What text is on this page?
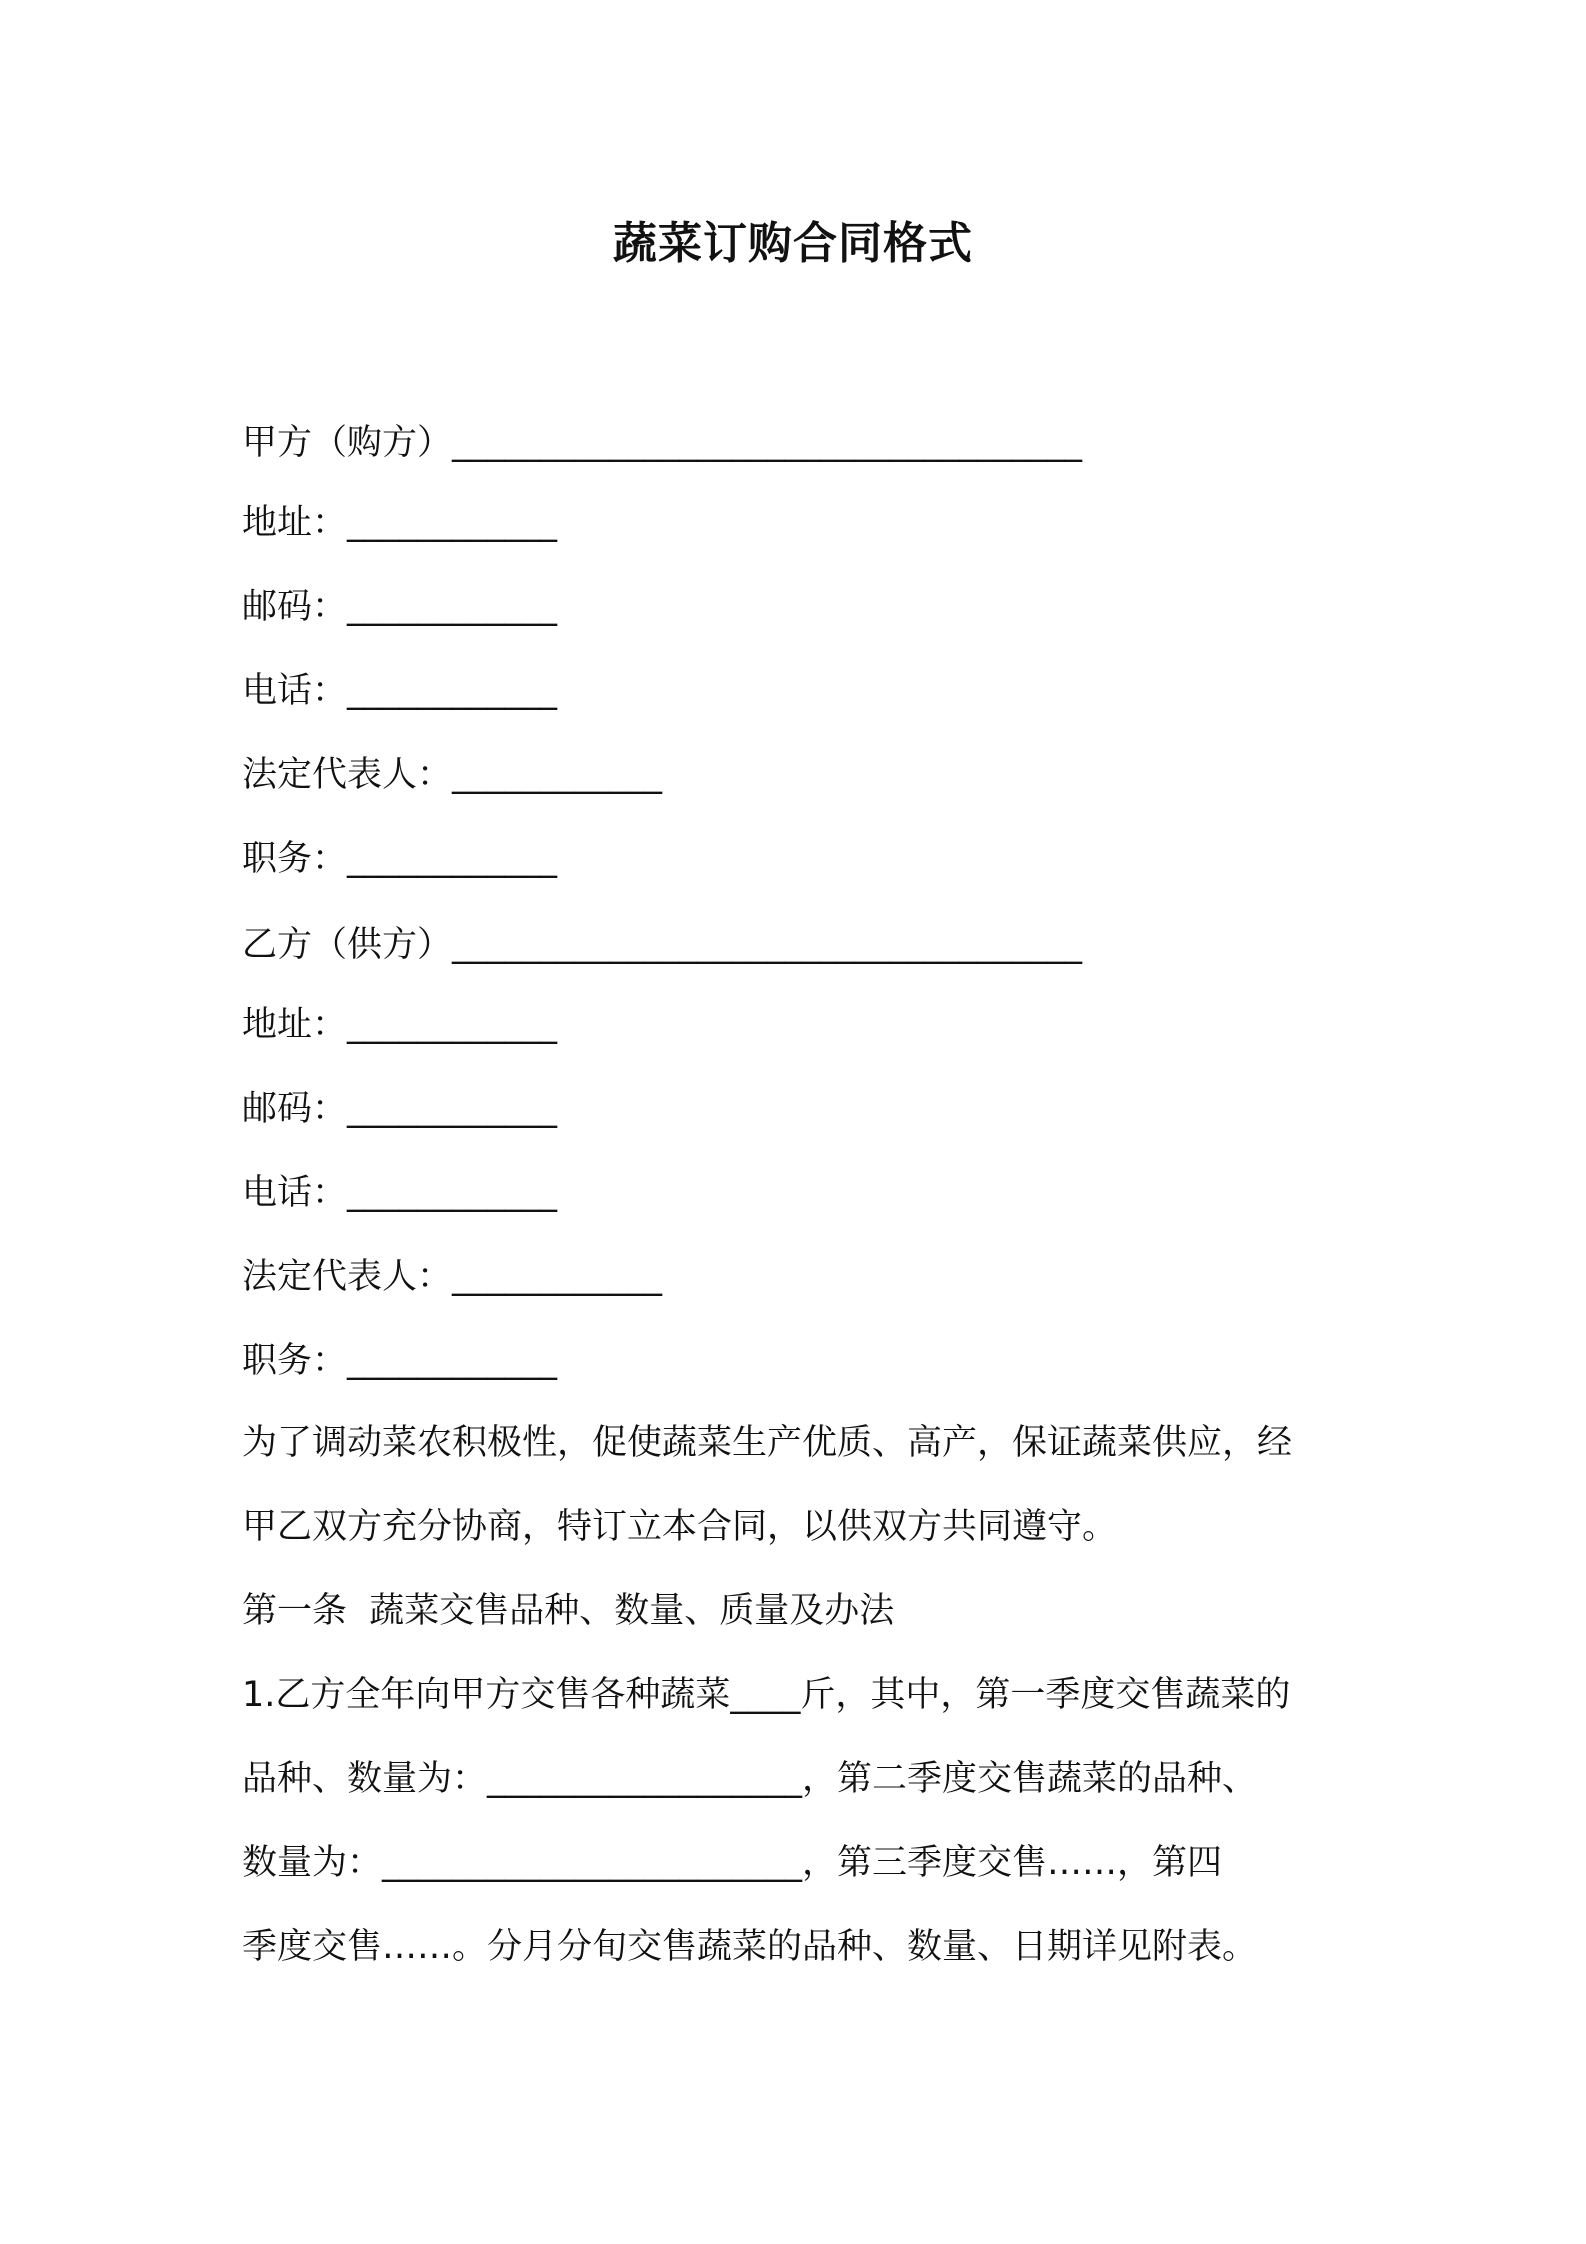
蔬菜订购合同格式
甲方（购方）____________________________________
地址：____________
邮码：____________
电话：____________
法定代表人：____________
职务：____________
乙方（供方）____________________________________
地址：____________
邮码：____________
电话：____________
法定代表人：____________
职务：____________
为了调动菜农积极性，促使蔬菜生产优质、高产，保证蔬菜供应，经
甲乙双方充分协商，特订立本合同，以供双方共同遵守。
第一条  蔬菜交售品种、数量、质量及办法
1.乙方全年向甲方交售各种蔬菜____斤，其中，第一季度交售蔬菜的
品种、数量为：__________________，第二季度交售蔬菜的品种、
数量为：________________________，第三季度交售……，第四
季度交售……。分月分旬交售蔬菜的品种、数量、日期详见附表。
